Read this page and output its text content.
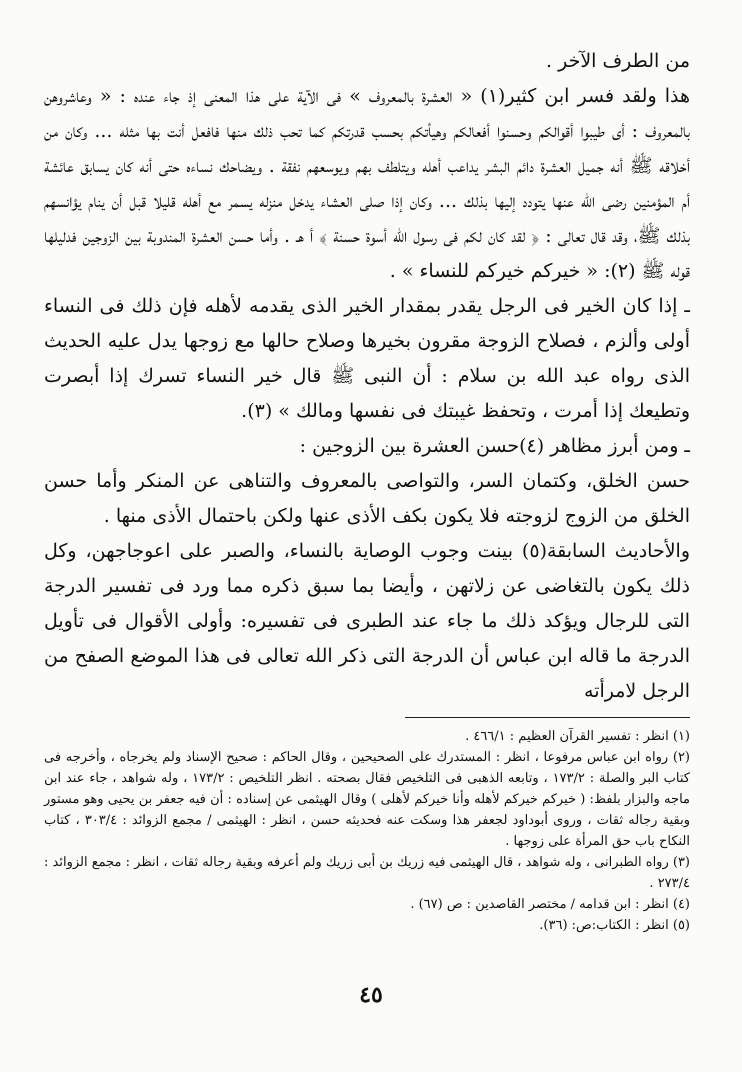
من الطرف الآخر .

هذا ولقد فسر ابن كثير(١) « العشرة بالمعروف » فى الآية على هذا المعنى إذ جاء عنده : « وعاشروهن بالمعروف : أى طيبوا أقوالكم وحسنوا أفعالكم وهيأتكم بحسب قدرتكم كما تحب ذلك منها فافعل أنت بها مثله ... وكان من أخلاقه ﷺ أنه جميل العشرة دائم البشر يداعب أهله ويتلطف بهم ويوسعهم نفقة . ويضاحك نساءه حتى أنه كان يسابق عائشة أم المؤمنين رضى الله عنها يتودد إليها بذلك ... وكان إذا صلى العشاء يدخل منزله يسمر مع أهله قليلا قبل أن ينام يؤانسهم بذلك ﷺ، وقد قال تعالى : ﴿ لقد كان لكم فى رسول الله أسوة حسنة ﴾ أ هـ . وأما حسن العشرة المندوبة بين الزوجين فدليلها قوله ﷺ (٢): « خيركم خيركم للنساء » .

ـ إذا كان الخير فى الرجل يقدر بمقدار الخير الذى يقدمه لأهله فإن ذلك فى النساء أولى وألزم ، فصلاح الزوجة مقرون بخيرها وصلاح حالها مع زوجها يدل عليه الحديث الذى رواه عبد الله بن سلام : أن النبى ﷺ قال خير النساء تسرك إذا أبصرت وتطيعك إذا أمرت ، وتحفظ غيبتك فى نفسها ومالك » (٣).

ـ ومن أبرز مظاهر (٤)حسن العشرة بين الزوجين :

حسن الخلق، وكتمان السر، والتواصى بالمعروف والتناهى عن المنكر وأما حسن الخلق من الزوج لزوجته فلا يكون بكف الأذى عنها ولكن باحتمال الأذى منها .

والأحاديث السابقة(٥) بينت وجوب الوصاية بالنساء، والصبر على اعوجاجهن، وكل ذلك يكون بالتغاضى عن زلاتهن ، وأيضا بما سبق ذكره مما ورد فى تفسير الدرجة التى للرجال ويؤكد ذلك ما جاء عند الطبرى فى تفسيره: وأولى الأقوال فى تأويل الدرجة ما قاله ابن عباس أن الدرجة التى ذكر الله تعالى فى هذا الموضع الصفح من الرجل لامرأته

(١) انظر : تفسير القرآن العظيم : ٤٦٦/١ .

(٢) رواه ابن عباس مرفوعا ، انظر : المستدرك على الصحيحين ، وقال الحاكم : صحيح الإسناد ولم يخرجاه ، وأخرجه فى كتاب البر والصلة : ١٧٣/٢ ، وتابعه الذهبى فى التلخيص فقال بصحته . انظر التلخيص : ١٧٣/٢ ، وله شواهد ، جاء عند ابن ماجه والبزار بلفظ: ( خيركم خيركم لأهله وأنا خيركم لأهلى ) وقال الهيثمى عن إسناده : أن فيه جعفر بن يحيى وهو مستور وبقية رجاله ثقات ، وروى أبوداود لجعفر هذا وسكت عنه فحديثه حسن ، انظر : الهيثمى / مجمع الزوائد : ٣٠٣/٤ ، كتاب النكاح باب حق المرأة على زوجها .

(٣) رواه الطبرانى ، وله شواهد ، قال الهيثمى فيه زريك بن أبى زريك ولم أعرفه وبقية رجاله ثقات ، انظر : مجمع الزوائد : ٢٧٣/٤ .

(٤) انظر : ابن قدامه / مختصر القاصدين : ص (٦٧) .

(٥) انظر : الكتاب:ص: (٣٦).

٤٥
